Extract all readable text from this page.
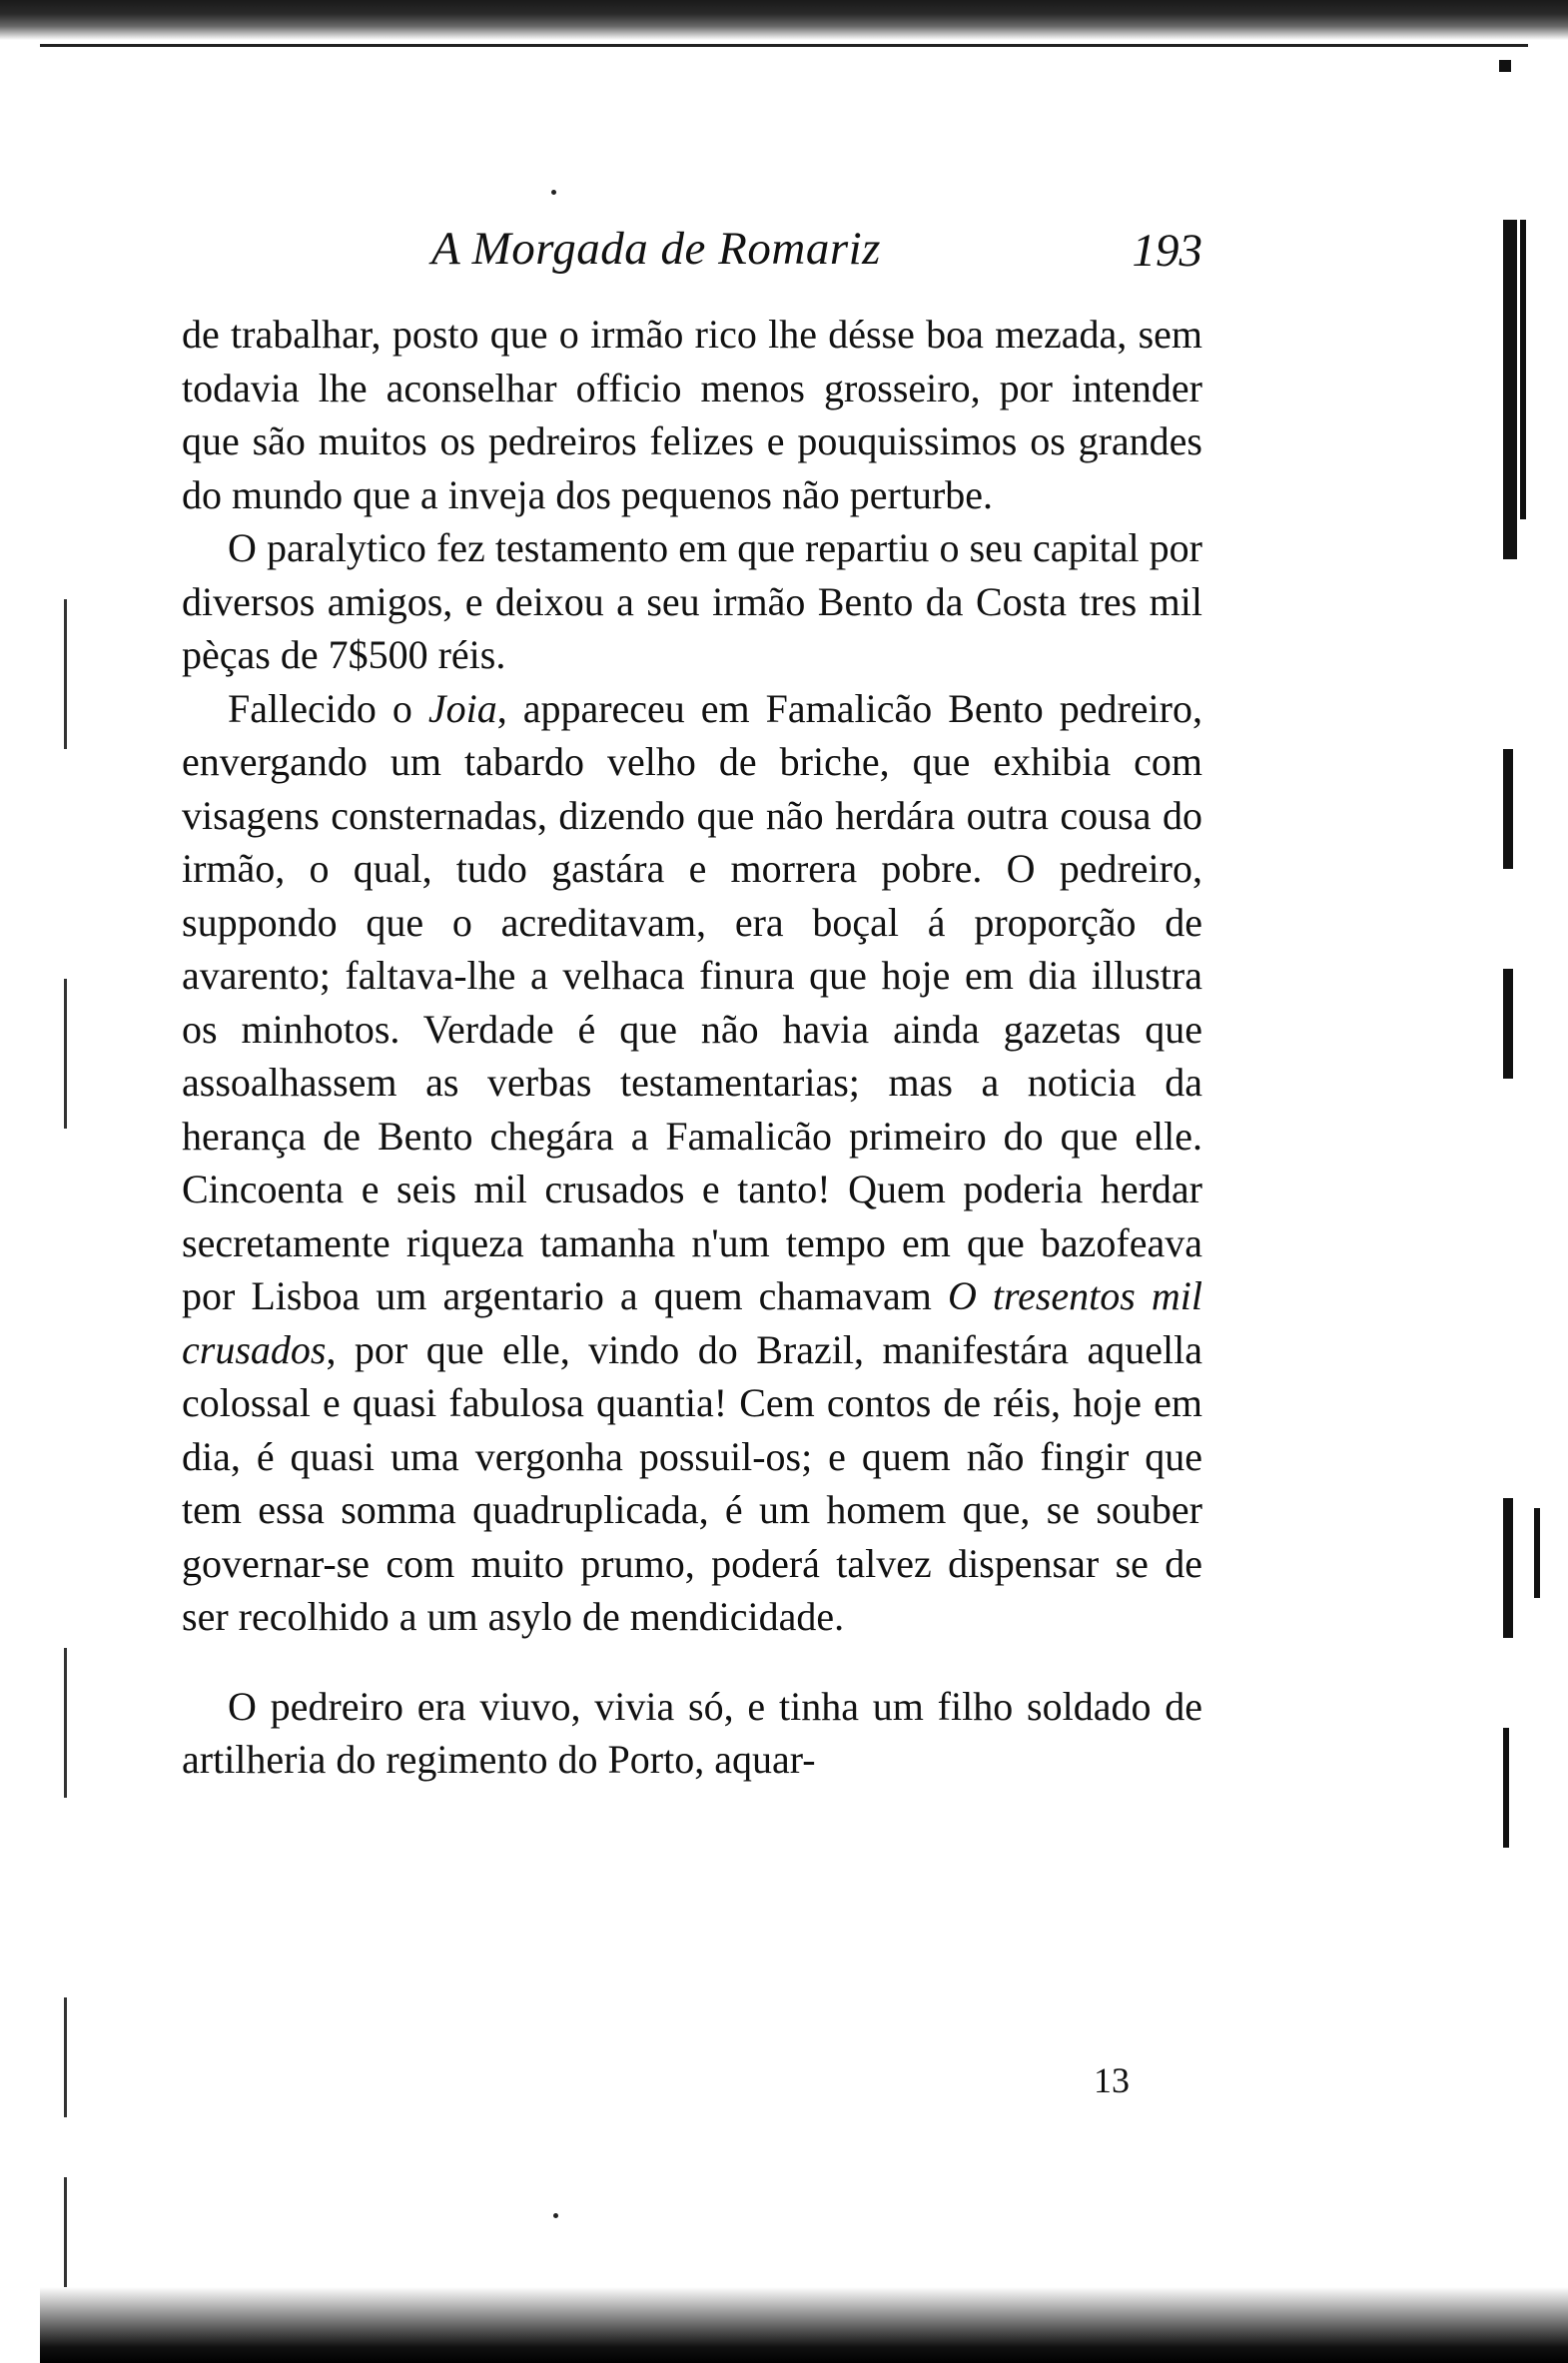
A Morgada de Romariz	193

de trabalhar, posto que o irmão rico lhe désse boa mezada, sem todavia lhe aconselhar officio menos grosseiro, por intender que são muitos os pedreiros felizes e pouquissimos os grandes do mundo que a inveja dos pequenos não perturbe.

O paralytico fez testamento em que repartiu o seu capital por diversos amigos, e deixou a seu irmão Bento da Costa tres mil pèças de 7$500 réis.

Fallecido o Joia, appareceu em Famalicão Bento pedreiro, envergando um tabardo velho de briche, que exhibia com visagens consternadas, dizendo que não herdára outra cousa do irmão, o qual, tudo gastára e morrera pobre. O pedreiro, suppondo que o acreditavam, era boçal á proporção de avarento; faltava-lhe a velhaca finura que hoje em dia illustra os minhotos. Verdade é que não havia ainda gazetas que assoalhassem as verbas testamentarias; mas a noticia da herança de Bento chegára a Famalicão primeiro do que elle. Cincoenta e seis mil crusados e tanto! Quem poderia herdar secretamente riqueza tamanha n'um tempo em que bazofeava por Lisboa um argentario a quem chamavam O tresentos mil crusados, por que elle, vindo do Brazil, manifestára aquella colossal e quasi fabulosa quantia! Cem contos de réis, hoje em dia, é quasi uma vergonha possuil-os; e quem não fingir que tem essa somma quadruplicada, é um homem que, se souber governar-se com muito prumo, poderá talvez dispensar se de ser recolhido a um asylo de mendicidade.

O pedreiro era viuvo, vivia só, e tinha um filho soldado de artilheria do regimento do Porto, aquar-

13
